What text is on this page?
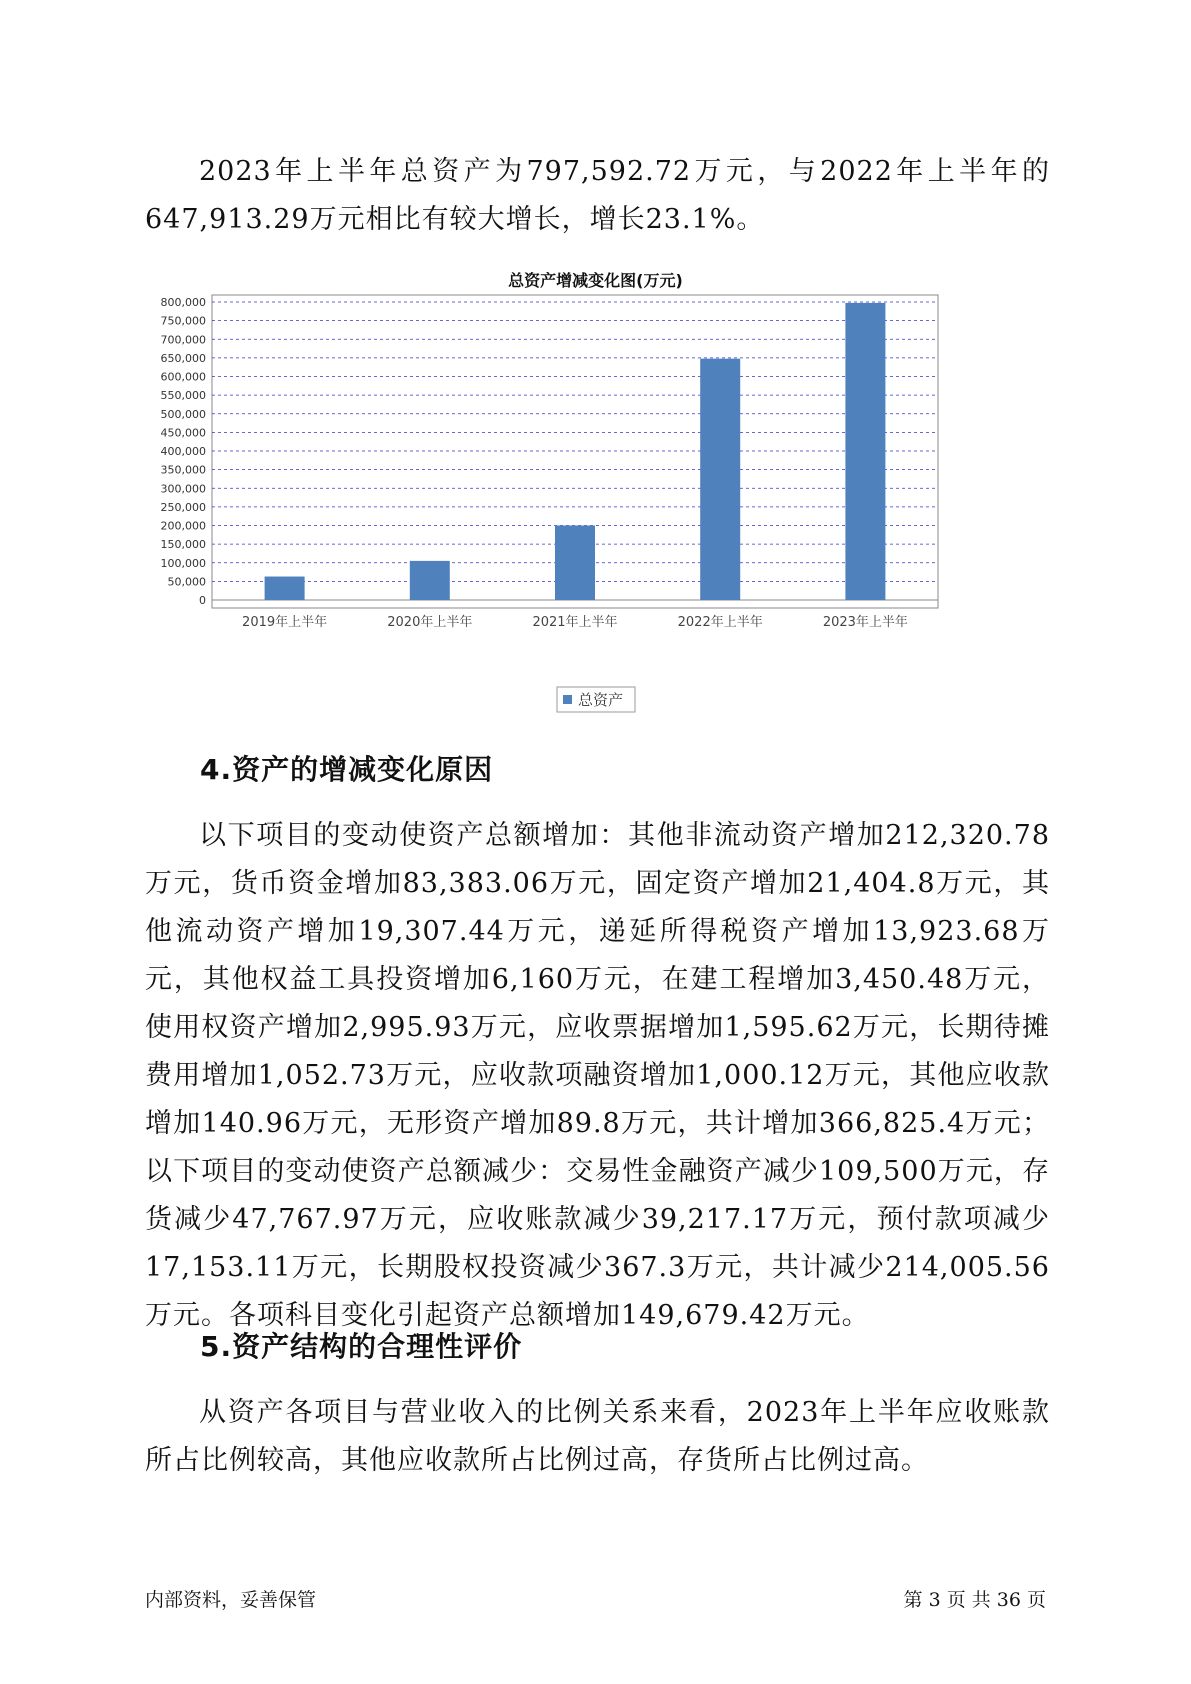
2023年上半年总资产为797,592.72万元，与2022年上半年的647,913.29万元相比有较大增长，增长23.1%。

总资产增减变化图(万元)
0
50,000
100,000
150,000
200,000
250,000
300,000
350,000
400,000
450,000
500,000
550,000
600,000
650,000
700,000
750,000
800,000
2019年上半年	2020年上半年	2021年上半年	2022年上半年	2023年上半年
总资产
4.资产的增减变化原因

以下项目的变动使资产总额增加：其他非流动资产增加212,320.78万元，货币资金增加83,383.06万元，固定资产增加21,404.8万元，其他流动资产增加19,307.44万元，递延所得税资产增加13,923.68万元，其他权益工具投资增加6,160万元，在建工程增加3,450.48万元，使用权资产增加2,995.93万元，应收票据增加1,595.62万元，长期待摊费用增加1,052.73万元，应收款项融资增加1,000.12万元，其他应收款增加140.96万元，无形资产增加89.8万元，共计增加366,825.4万元；以下项目的变动使资产总额减少：交易性金融资产减少109,500万元，存货减少47,767.97万元，应收账款减少39,217.17万元，预付款项减少17,153.11万元，长期股权投资减少367.3万元，共计减少214,005.56万元。各项科目变化引起资产总额增加149,679.42万元。

5.资产结构的合理性评价

从资产各项目与营业收入的比例关系来看，2023年上半年应收账款所占比例较高，其他应收款所占比例过高，存货所占比例过高。

内部资料，妥善保管	第 3 页 共 36 页
